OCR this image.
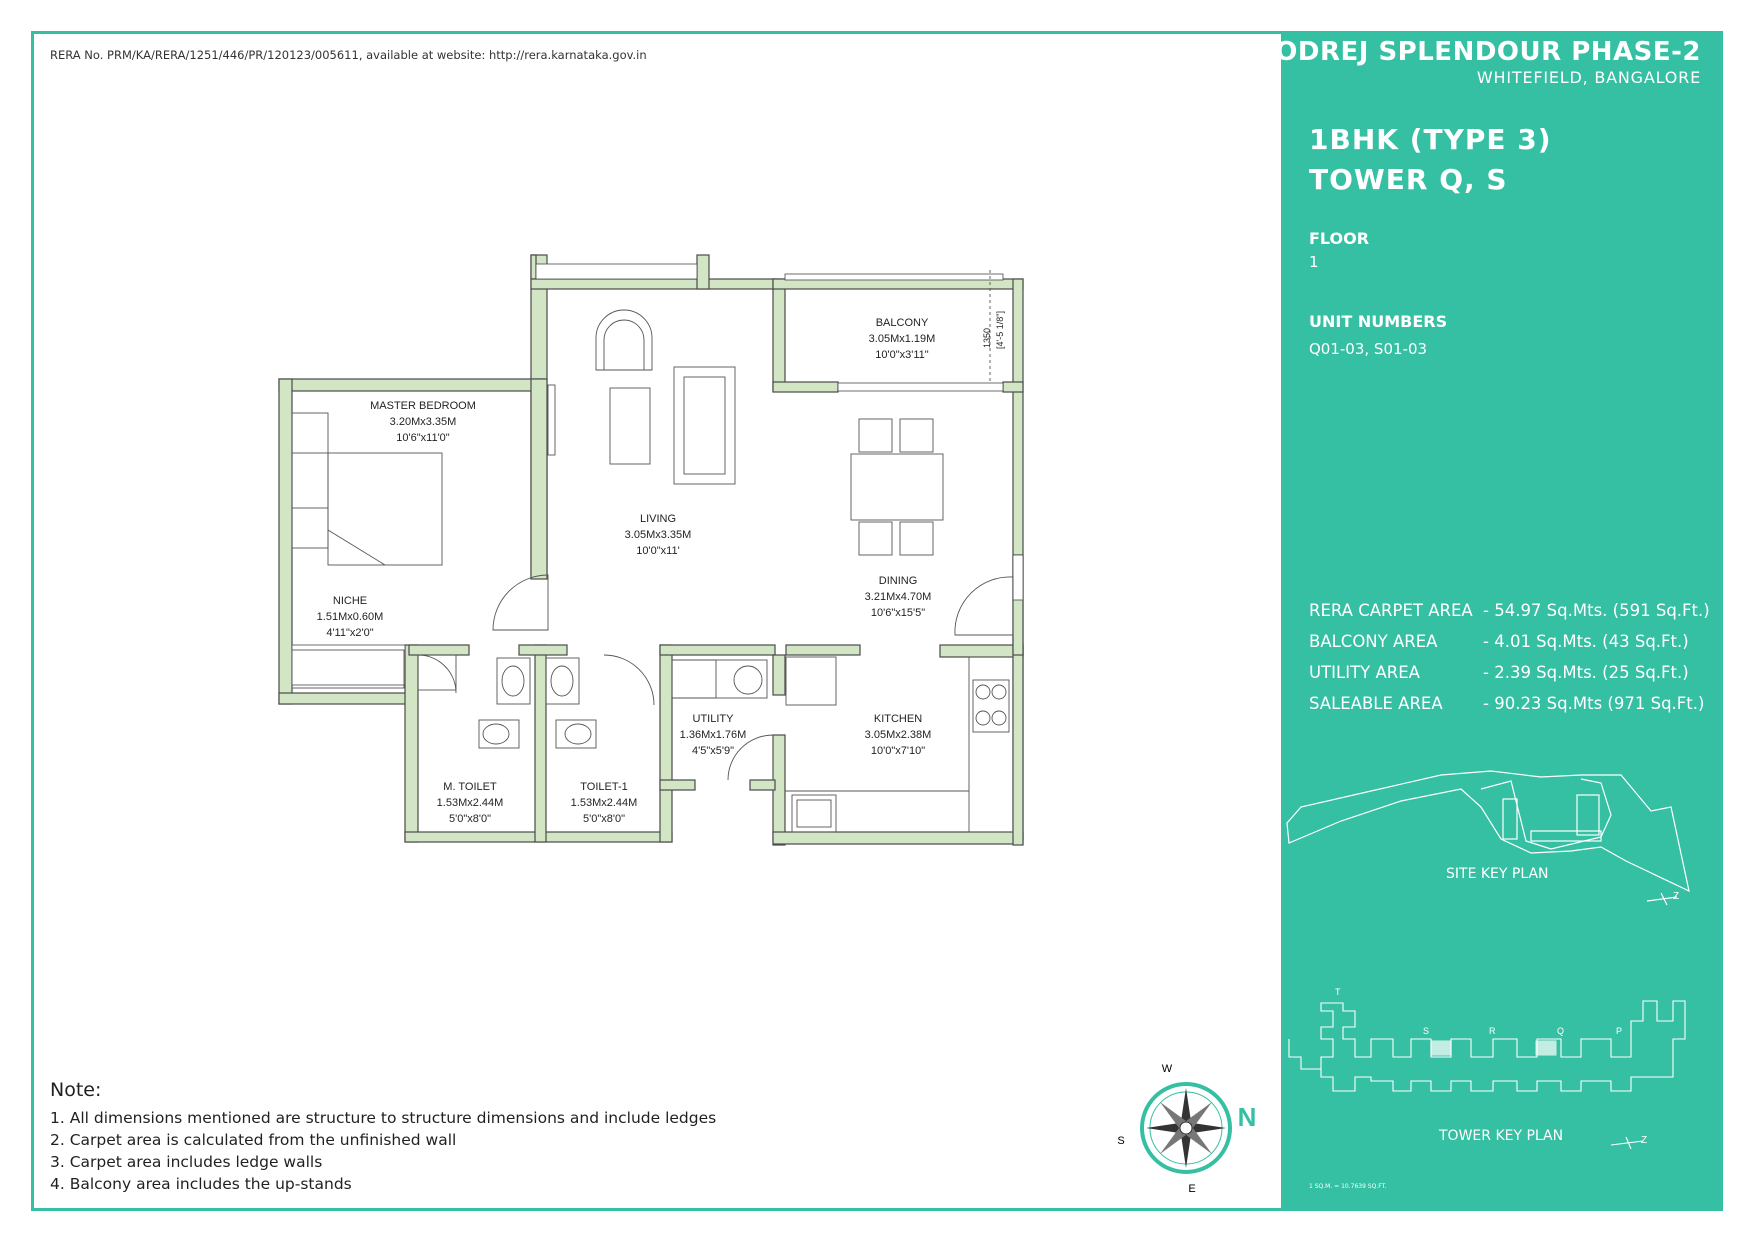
RERA No. PRM/KA/RERA/1251/446/PR/120123/005611, available at website: http://rera.karnataka.gov.in
BALCONY
3.05Mx1.19M
10'0"x3'11"
1350 [4'-5 1/8"]
MASTER BEDROOM
3.20Mx3.35M
10'6"x11'0"
LIVING
3.05Mx3.35M
10'0"x11'
DINING
3.21Mx4.70M
10'6"x15'5"
NICHE
1.51Mx0.60M
4'11"x2'0"
UTILITY
1.36Mx1.76M
4'5"x5'9"
KITCHEN
3.05Mx2.38M
10'0"x7'10"
M. TOILET
1.53Mx2.44M
5'0"x8'0"
TOILET-1
1.53Mx2.44M
5'0"x8'0"
W
S
E
N
Note:
1. All dimensions mentioned are structure to structure dimensions and include ledges
2. Carpet area is calculated from the unfinished wall
3. Carpet area includes ledge walls
4. Balcony area includes the up-stands
GODREJ SPLENDOUR PHASE-2
WHITEFIELD, BANGALORE
1BHK (TYPE 3)
TOWER Q, S
FLOOR
1
UNIT NUMBERS
Q01-03, S01-03
RERA CARPET AREA - 54.97 Sq.Mts. (591 Sq.Ft.)
BALCONY AREA	- 4.01 Sq.Mts. (43 Sq.Ft.)
UTILITY AREA	- 2.39 Sq.Mts. (25 Sq.Ft.)
SALEABLE AREA - 90.23 Sq.Mts (971 Sq.Ft.)
Z
SITE KEY PLAN
T
S	R	Q	P
Z
TOWER KEY PLAN
1 SQ.M. = 10.7639 SQ.FT.
